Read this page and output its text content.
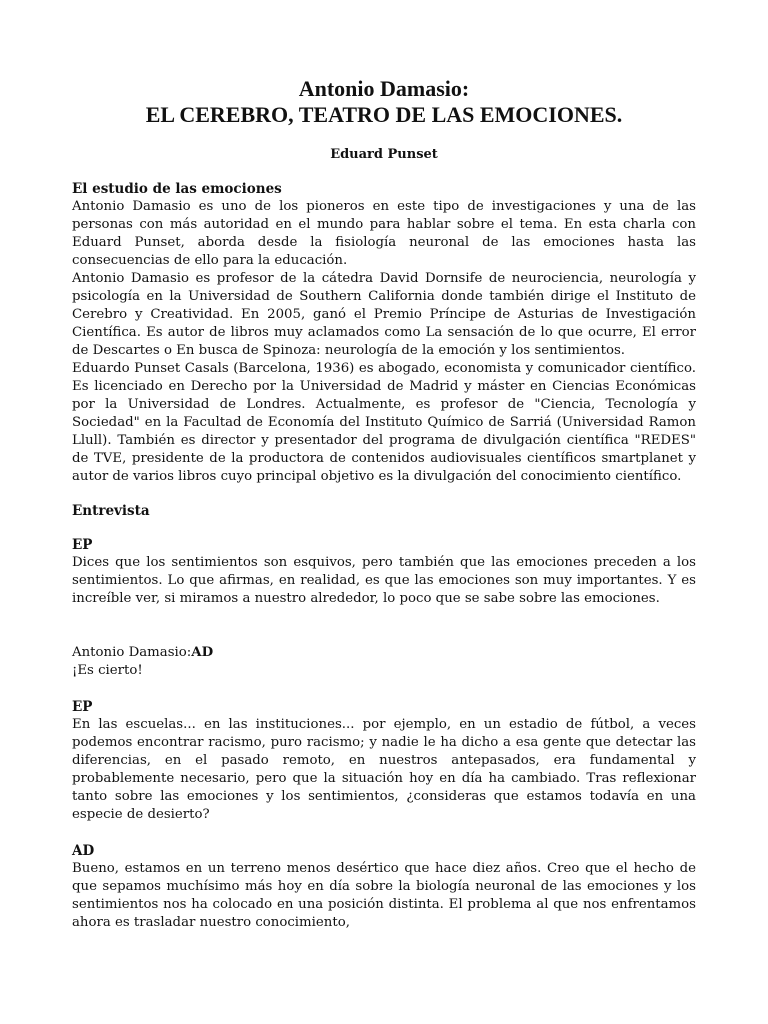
Antonio Damasio:
EL CEREBRO, TEATRO DE LAS EMOCIONES.

Eduard Punset

El estudio de las emociones

Antonio Damasio es uno de los pioneros en este tipo de investigaciones y una de las personas con más autoridad en el mundo para hablar sobre el tema. En esta charla con Eduard Punset, aborda desde la fisiología neuronal de las emociones hasta las consecuencias de ello para la educación.

Antonio Damasio es profesor de la cátedra David Dornsife de neurociencia, neurología y psicología en la Universidad de Southern California donde también dirige el Instituto de Cerebro y Creatividad. En 2005, ganó el Premio Príncipe de Asturias de Investigación Científica. Es autor de libros muy aclamados como La sensación de lo que ocurre, El error de Descartes o En busca de Spinoza: neurología de la emoción y los sentimientos.

Eduardo Punset Casals (Barcelona, 1936) es abogado, economista y comunicador científico. Es licenciado en Derecho por la Universidad de Madrid y máster en Ciencias Económicas por la Universidad de Londres. Actualmente, es profesor de "Ciencia, Tecnología y Sociedad" en la Facultad de Economía del Instituto Químico de Sarriá (Universidad Ramon Llull). También es director y presentador del programa de divulgación científica "REDES" de TVE, presidente de la productora de contenidos audiovisuales científicos smartplanet y autor de varios libros cuyo principal objetivo es la divulgación del conocimiento científico.

Entrevista

EP

Dices que los sentimientos son esquivos, pero también que las emociones preceden a los sentimientos. Lo que afirmas, en realidad, es que las emociones son muy importantes. Y es increíble ver, si miramos a nuestro alrededor, lo poco que se sabe sobre las emociones.

Antonio Damasio:AD

¡Es cierto!

EP

En las escuelas... en las instituciones... por ejemplo, en un estadio de fútbol, a veces podemos encontrar racismo, puro racismo; y nadie le ha dicho a esa gente que detectar las diferencias, en el pasado remoto, en nuestros antepasados, era fundamental y probablemente necesario, pero que la situación hoy en día ha cambiado. Tras reflexionar tanto sobre las emociones y los sentimientos, ¿consideras que estamos todavía en una especie de desierto?

AD

Bueno, estamos en un terreno menos desértico que hace diez años. Creo que el hecho de que sepamos muchísimo más hoy en día sobre la biología neuronal de las emociones y los sentimientos nos ha colocado en una posición distinta. El problema al que nos enfrentamos ahora es trasladar nuestro conocimiento,
